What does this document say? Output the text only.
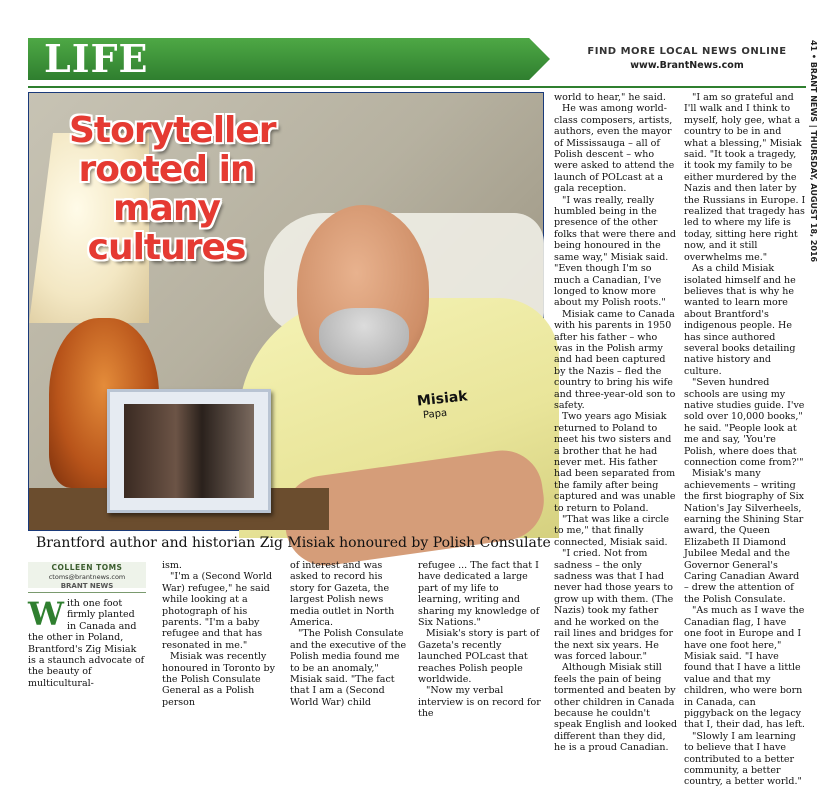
LIFE	FIND MORE LOCAL NEWS ONLINE
www.BrantNews.com	41 • BRANT NEWS | THURSDAY, AUGUST 18, 2016
Misiak
Papa
Storyteller rooted in many cultures
Brantford author and historian Zig Misiak honoured by Polish Consulate
COLLEEN TOMS
ctoms@brantnews.com
BRANT NEWS
W ith one foot firmly planted in Canada and the other in Poland, Brantford's Zig Misiak is a staunch advocate of the beauty of multicultural-

ism.

"I'm a (Second World War) refugee," he said while looking at a photograph of his parents. "I'm a baby refugee and that has resonated in me."

Misiak was recently honoured in Toronto by the Polish Consulate General as a Polish person

of interest and was asked to record his story for Gazeta, the largest Polish news media outlet in North America.

"The Polish Consulate and the executive of the Polish media found me to be an anomaly," Misiak said. "The fact that I am a (Second World War) child

refugee ... The fact that I have dedicated a large part of my life to learning, writing and sharing my knowledge of Six Nations."

Misiak's story is part of Gazeta's recently launched POLcast that reaches Polish people worldwide.

"Now my verbal interview is on record for the

world to hear," he said.

He was among world-class composers, artists, authors, even the mayor of Mississauga – all of Polish descent – who were asked to attend the launch of POLcast at a gala reception.

"I was really, really humbled being in the presence of the other folks that were there and being honoured in the same way," Misiak said. "Even though I'm so much a Canadian, I've longed to know more about my Polish roots."

Misiak came to Canada with his parents in 1950 after his father – who was in the Polish army and had been captured by the Nazis – fled the country to bring his wife and three-year-old son to safety.

Two years ago Misiak returned to Poland to meet his two sisters and a brother that he had never met. His father had been separated from the family after being captured and was unable to return to Poland.

"That was like a circle to me," that finally connected, Misiak said.

"I cried. Not from sadness – the only sadness was that I had never had those years to grow up with them. (The Nazis) took my father and he worked on the rail lines and bridges for the next six years. He was forced labour."

Although Misiak still feels the pain of being tormented and beaten by other children in Canada because he couldn't speak English and looked different than they did, he is a proud Canadian.

"I am so grateful and I'll walk and I think to myself, holy gee, what a country to be in and what a blessing," Misiak said. "It took a tragedy, it took my family to be either murdered by the Nazis and then later by the Russians in Europe. I realized that tragedy has led to where my life is today, sitting here right now, and it still overwhelms me."

As a child Misiak isolated himself and he believes that is why he wanted to learn more about Brantford's indigenous people. He has since authored several books detailing native history and culture.

"Seven hundred schools are using my native studies guide. I've sold over 10,000 books," he said. "People look at me and say, 'You're Polish, where does that connection come from?'"

Misiak's many achievements – writing the first biography of Six Nation's Jay Silverheels, earning the Shining Star award, the Queen Elizabeth II Diamond Jubilee Medal and the Governor General's Caring Canadian Award – drew the attention of the Polish Consulate.

"As much as I wave the Canadian flag, I have one foot in Europe and I have one foot here," Misiak said. "I have found that I have a little value and that my children, who were born in Canada, can piggyback on the legacy that I, their dad, has left.

"Slowly I am learning to believe that I have contributed to a better community, a better country, a better world."
